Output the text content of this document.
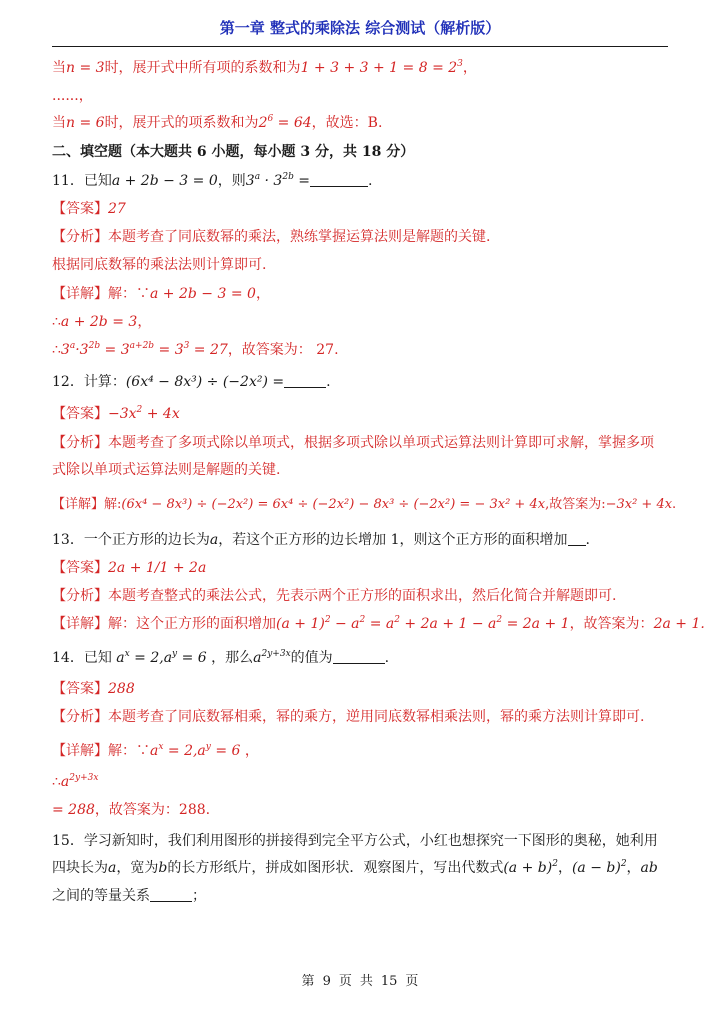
第一章 整式的乘除法 综合测试（解析版）
当n = 3时，展开式中所有项的系数和为$1 + 3 + 3 + 1 = 8 = 2^3$，
......，
当n = 6时，展开式的项系数和为$2^6 = 64$，故选：B.
二、填空题（本大题共 6 小题，每小题 3 分，共 18 分）
11．已知a + 2b − 3 = 0，则$3^a \cdot 3^{2b}$ =	.
【答案】27
【分析】本题考查了同底数幂的乘法，熟练掌握运算法则是解题的关键.
根据同底数幂的乘法法则计算即可.
【详解】解：∵a + 2b − 3 = 0，
∴a + 2b = 3，
$\therefore 3^a\cdot 3^{2b} = 3^{a+2b} = 3^3 = 27$，故答案为： 27.
12．计算：(6x⁴ − 8x³) ÷ (−2x²) =	.
【答案】$-3x^2 + 4x$
【分析】本题考查了多项式除以单项式，根据多项式除以单项式运算法则计算即可求解，掌握多项
式除以单项式运算法则是解题的关键.
【详解】解:(6x⁴ − 8x³) ÷ (−2x²) = 6x⁴ ÷ (−2x²) − 8x³ ÷ (−2x²) = − 3x² + 4x,故答案为:−3x² + 4x.
13．一个正方形的边长为a，若这个正方形的边长增加 1，则这个正方形的面积增加 .
【答案】2a + 1/1 + 2a
【分析】本题考查整式的乘法公式，先表示两个正方形的面积求出，然后化简合并解题即可.
【详解】解：这个正方形的面积增加$(a + 1)^2 - a^2 = a^2 + 2a + 1 - a^2 = 2a + 1$，故答案为：2a + 1.
14．已知 $a^x = 2,a^y = 6$ ，那么$a^{2y+3x}$的值为	.
【答案】288
【分析】本题考查了同底数幂相乘，幂的乘方，逆用同底数幂相乘法则，幂的乘方法则计算即可.
【详解】解：$\because a^x = 2,a^y = 6$ ，
$\therefore a^{2y+3x}$
= 288，故答案为：288.
15．学习新知时，我们利用图形的拼接得到完全平方公式，小红也想探究一下图形的奥秘，她利用
四块长为a，宽为b的长方形纸片，拼成如图形状．观察图片，写出代数式$(a + b)^2$，$(a - b)^2$，ab
之间的等量关系	；
第 9 页 共 15 页
